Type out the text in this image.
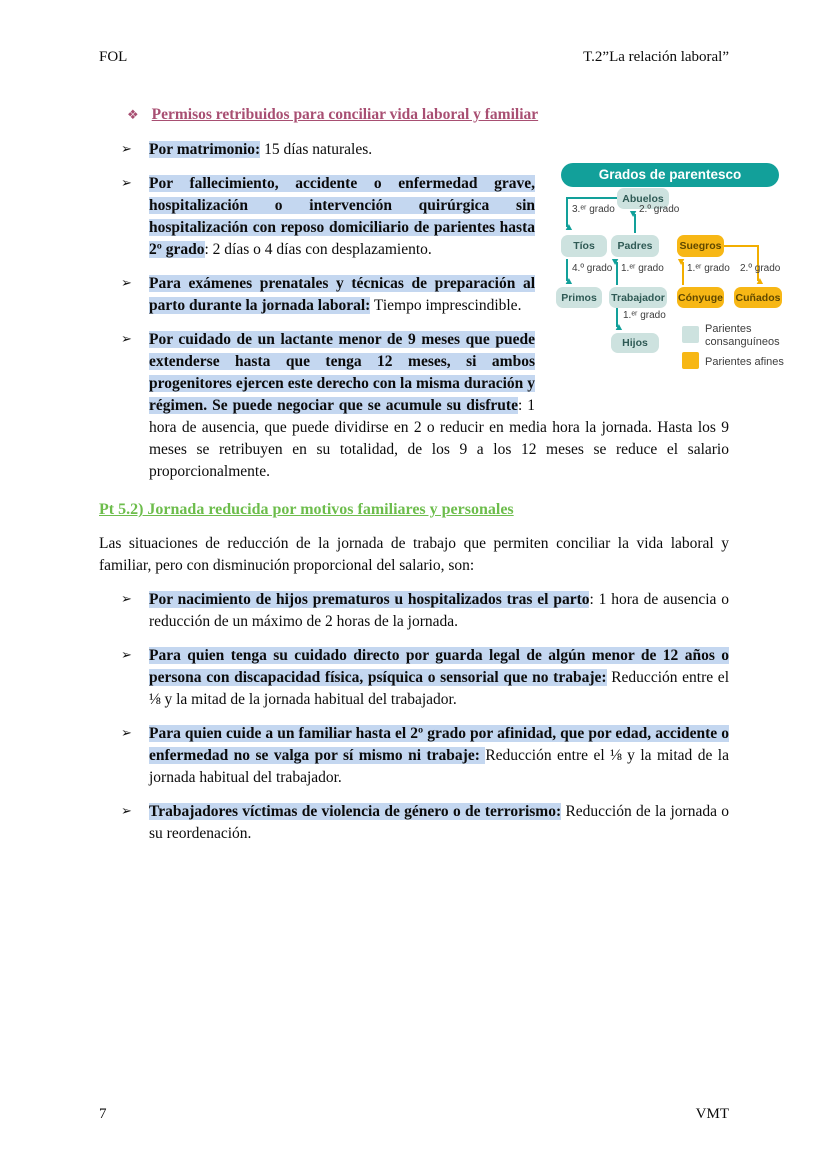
FOL	T.2”La relación laboral”
❖ Permisos retribuidos para conciliar vida laboral y familiar
➢ Por matrimonio: 15 días naturales.
Grados de parentesco
Abuelos
Tíos	Padres	Suegros
Primos	Trabajador Cónyuge Cuñados
Hijos
3.ᵉʳ grado 2.º grado
4.º grado 1.ᵉʳ grado 1.ᵉʳ grado 2.º grado
1.ᵉʳ grado
Parientes consanguíneos
Parientes afines
➢ Por fallecimiento, accidente o enfermedad grave, hospitalización o intervención quirúrgica sin hospitalización con reposo domiciliario de parientes hasta 2º grado: 2 días o 4 días con desplazamiento.
➢ Para exámenes prenatales y técnicas de preparación al parto durante la jornada laboral: Tiempo imprescindible.
➢ Por cuidado de un lactante menor de 9 meses que puede extenderse hasta que tenga 12 meses, si ambos progenitores ejercen este derecho con la misma duración y régimen. Se puede negociar que se acumule su disfrute: 1 hora de ausencia, que puede dividirse en 2 o reducir en media hora la jornada. Hasta los 9 meses se retribuyen en su totalidad, de los 9 a los 12 meses se reduce el salario proporcionalmente.
Pt 5.2) Jornada reducida por motivos familiares y personales

Las situaciones de reducción de la jornada de trabajo que permiten conciliar la vida laboral y familiar, pero con disminución proporcional del salario, son:

➢ Por nacimiento de hijos prematuros u hospitalizados tras el parto: 1 hora de ausencia o reducción de un máximo de 2 horas de la jornada.
➢ Para quien tenga su cuidado directo por guarda legal de algún menor de 12 años o persona con discapacidad física, psíquica o sensorial que no trabaje: Reducción entre el ⅛ y la mitad de la jornada habitual del trabajador.
➢ Para quien cuide a un familiar hasta el 2º grado por afinidad, que por edad, accidente o enfermedad no se valga por sí mismo ni trabaje: Reducción entre el ⅛ y la mitad de la jornada habitual del trabajador.
➢ Trabajadores víctimas de violencia de género o de terrorismo: Reducción de la jornada o su reordenación.
7	VMT
